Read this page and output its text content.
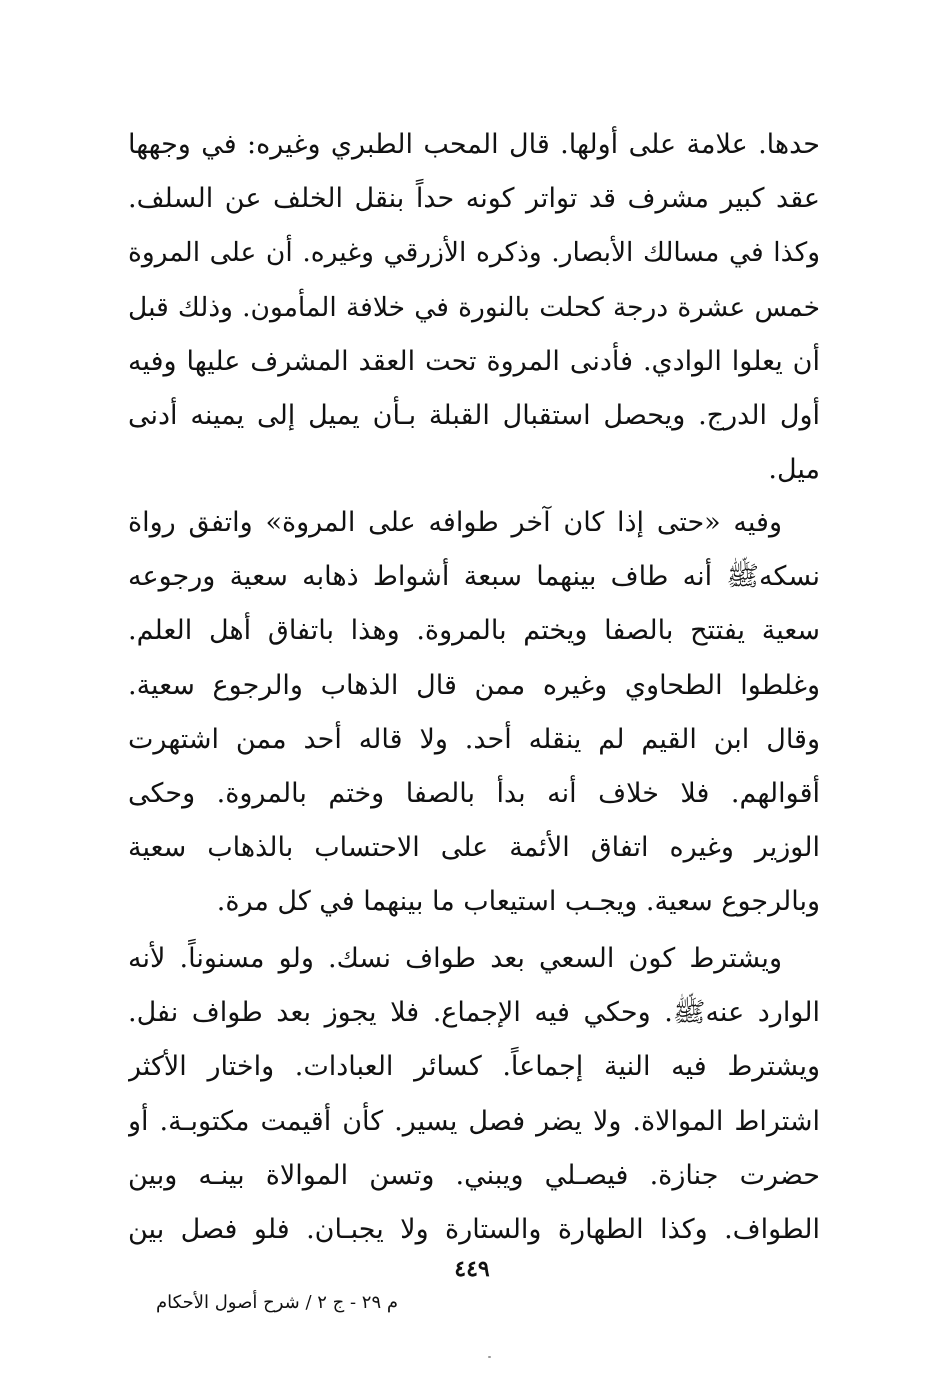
حدها. علامة على أولها. قال المحب الطبري وغيره: في وجهها
عقد كبير مشرف قد تواتر كونه حداً بنقل الخلف عن السلف.
وكذا في مسالك الأبصار. وذكره الأزرقي وغيره. أن على المروة
خمس عشرة درجة كحلت بالنورة في خلافة المأمون. وذلك قبل
أن يعلوا الوادي. فأدنى المروة تحت العقد المشرف عليها وفيه
أول الدرج. ويحصل استقبال القبلة بـأن يميل إلى يمينه أدنى
ميل.
وفيه «حتى إذا كان آخر طوافه على المروة» واتفق رواة
نسكهﷺ أنه طاف بينهما سبعة أشواط ذهابه سعية ورجوعه
سعية يفتتح بالصفا ويختم بالمروة. وهذا باتفاق أهل العلم.
وغلطوا الطحاوي وغيره ممن قال الذهاب والرجوع سعية.
وقال ابن القيم لم ينقله أحد. ولا قاله أحد ممن اشتهرت
أقوالهم. فلا خلاف أنه بدأ بالصفا وختم بالمروة. وحكى
الوزير وغيره اتفاق الأئمة على الاحتساب بالذهاب سعية
وبالرجوع سعية. ويجـب استيعاب ما بينهما في كل مرة.
ويشترط كون السعي بعد طواف نسك. ولو مسنوناً. لأنه
الوارد عنهﷺ. وحكي فيه الإجماع. فلا يجوز بعد طواف نفل.
ويشترط فيه النية إجماعاً. كسائر العبادات. واختار الأكثر
اشتراط الموالاة. ولا يضر فصل يسير. كأن أقيمت مكتوبـة. أو
حضرت جنازة. فيصـلي ويبني. وتسن الموالاة بينـه وبين
الطواف. وكذا الطهارة والستارة ولا يجبـان. فلو فصل بين
٤٤٩
م ٢٩ - ج ٢ / شرح أصول الأحكام
